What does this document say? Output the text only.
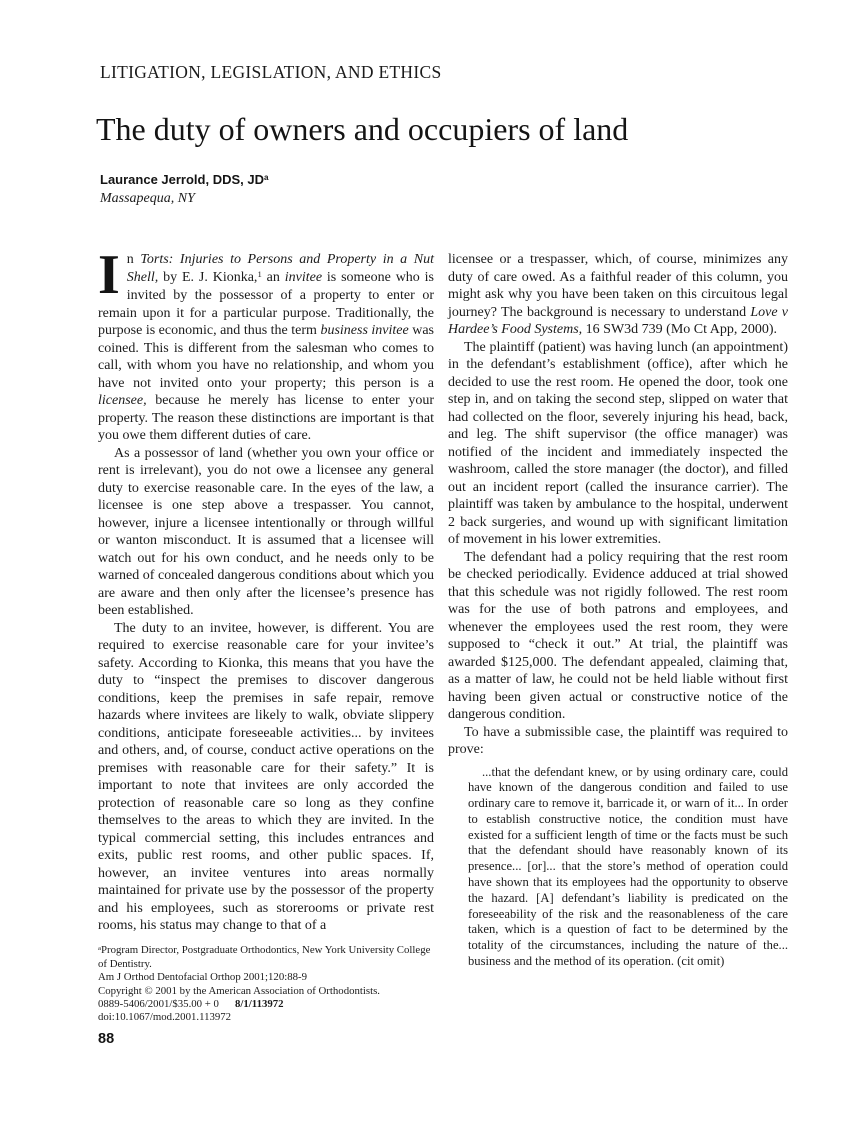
LITIGATION, LEGISLATION, AND ETHICS
The duty of owners and occupiers of land
Laurance Jerrold, DDS, $JD^a$
Massapequa, NY

In Torts: Injuries to Persons and Property in a Nut Shell, by E. J. Kionka,$^1$ an invitee is someone who is invited by the possessor of a property to enter or remain upon it for a particular purpose. Traditionally, the purpose is economic, and thus the term business invitee was coined. This is different from the salesman who comes to call, with whom you have no relationship, and whom you have not invited onto your property; this person is a licensee, because he merely has license to enter your property. The reason these distinctions are important is that you owe them different duties of care.

As a possessor of land (whether you own your office or rent is irrelevant), you do not owe a licensee any general duty to exercise reasonable care. In the eyes of the law, a licensee is one step above a trespasser. You cannot, however, injure a licensee intentionally or through willful or wanton misconduct. It is assumed that a licensee will watch out for his own conduct, and he needs only to be warned of concealed dangerous conditions about which you are aware and then only after the licensee’s presence has been established.

The duty to an invitee, however, is different. You are required to exercise reasonable care for your invitee’s safety. According to Kionka, this means that you have the duty to “inspect the premises to discover dangerous conditions, keep the premises in safe repair, remove hazards where invitees are likely to walk, obviate slippery conditions, anticipate foreseeable activities... by invitees and others, and, of course, conduct active operations on the premises with reasonable care for their safety.” It is important to note that invitees are only accorded the protection of reasonable care so long as they confine themselves to the areas to which they are invited. In the typical commercial setting, this includes entrances and exits, public rest rooms, and other public spaces. If, however, an invitee ventures into areas normally maintained for private use by the possessor of the property and his employees, such as storerooms or private rest rooms, his status may change to that of a

licensee or a trespasser, which, of course, minimizes any duty of care owed. As a faithful reader of this column, you might ask why you have been taken on this circuitous legal journey? The background is necessary to understand Love v Hardee’s Food Systems, 16 SW3d 739 (Mo Ct App, 2000).

The plaintiff (patient) was having lunch (an appointment) in the defendant’s establishment (office), after which he decided to use the rest room. He opened the door, took one step in, and on taking the second step, slipped on water that had collected on the floor, severely injuring his head, back, and leg. The shift supervisor (the office manager) was notified of the incident and immediately inspected the washroom, called the store manager (the doctor), and filled out an incident report (called the insurance carrier). The plaintiff was taken by ambulance to the hospital, underwent 2 back surgeries, and wound up with significant limitation of movement in his lower extremities.

The defendant had a policy requiring that the rest room be checked periodically. Evidence adduced at trial showed that this schedule was not rigidly followed. The rest room was for the use of both patrons and employees, and whenever the employees used the rest room, they were supposed to “check it out.” At trial, the plaintiff was awarded $125,000. The defendant appealed, claiming that, as a matter of law, he could not be held liable without first having been given actual or constructive notice of the dangerous condition.

To have a submissible case, the plaintiff was required to prove:

...that the defendant knew, or by using ordinary care, could have known of the dangerous condition and failed to use ordinary care to remove it, barricade it, or warn of it... In order to establish constructive notice, the condition must have existed for a sufficient length of time or the facts must be such that the defendant should have reasonably known of its presence... [or]... that the store’s method of operation could have shown that its employees had the opportunity to observe the hazard. [A] defendant’s liability is predicated on the foreseeability of the risk and the reasonableness of the care taken, which is a question of fact to be determined by the totality of the circumstances, including the nature of the... business and the method of its operation. (cit omit)
$^a$Program Director, Postgraduate Orthodontics, New York University College of Dentistry.
Am J Orthod Dentofacial Orthop 2001;120:88-9
Copyright © 2001 by the American Association of Orthodontists.
0889-5406/2001/$35.00 + 0 8/1/113972
doi:10.1067/mod.2001.113972
88
